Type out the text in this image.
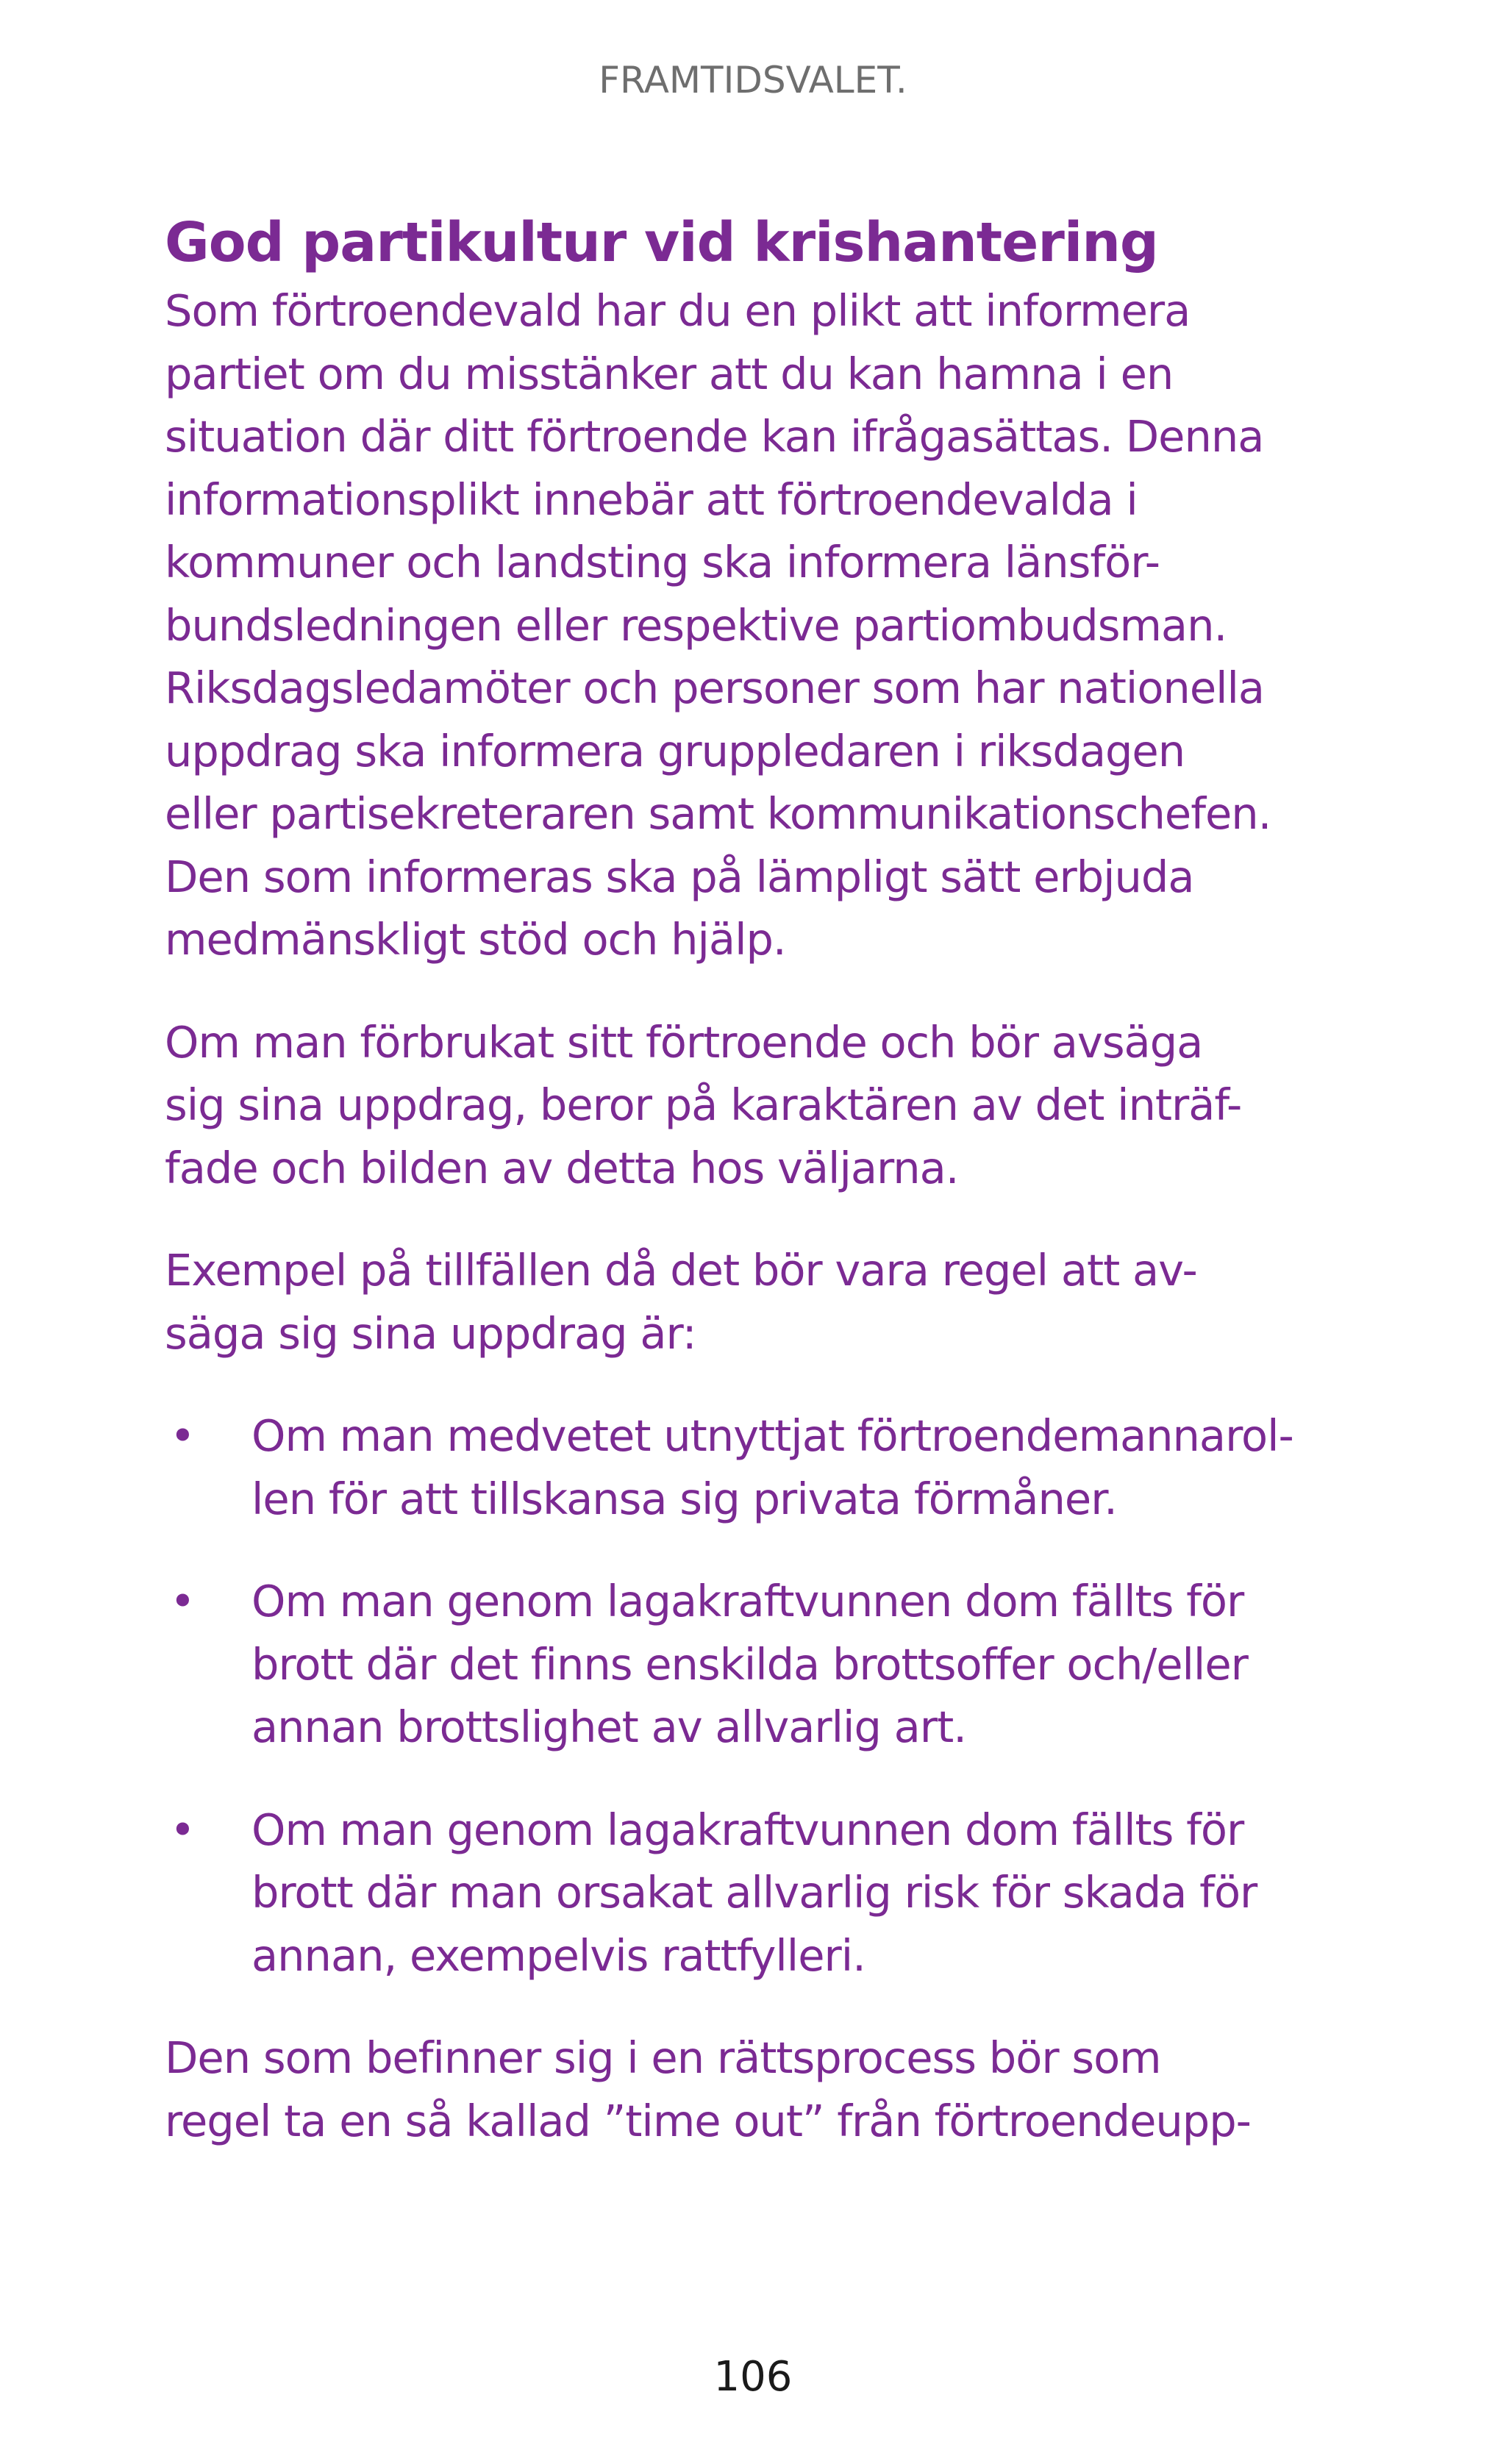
FRAMTIDSVALET.
God partikultur vid krishantering

Som förtroendevald har du en plikt att informera
partiet om du misstänker att du kan hamna i en
situation där ditt förtroende kan ifrågasättas. Denna
informationsplikt innebär att förtroendevalda i
kommuner och landsting ska informera länsför-
bundsledningen eller respektive partiombudsman.
Riksdagsledamöter och personer som har nationella
uppdrag ska informera gruppledaren i riksdagen
eller partisekreteraren samt kommunikationschefen.
Den som informeras ska på lämpligt sätt erbjuda
medmänskligt stöd och hjälp.

Om man förbrukat sitt förtroende och bör avsäga
sig sina uppdrag, beror på karaktären av det inträf-
fade och bilden av detta hos väljarna.

Exempel på tillfällen då det bör vara regel att av-
säga sig sina uppdrag är:

• Om man medvetet utnyttjat förtroendemannarol-
len för att tillskansa sig privata förmåner.
• Om man genom lagakraftvunnen dom fällts för
brott där det finns enskilda brottsoffer och/eller
annan brottslighet av allvarlig art.
• Om man genom lagakraftvunnen dom fällts för
brott där man orsakat allvarlig risk för skada för
annan, exempelvis rattfylleri.

Den som befinner sig i en rättsprocess bör som
regel ta en så kallad ”time out” från förtroendeupp-

106
